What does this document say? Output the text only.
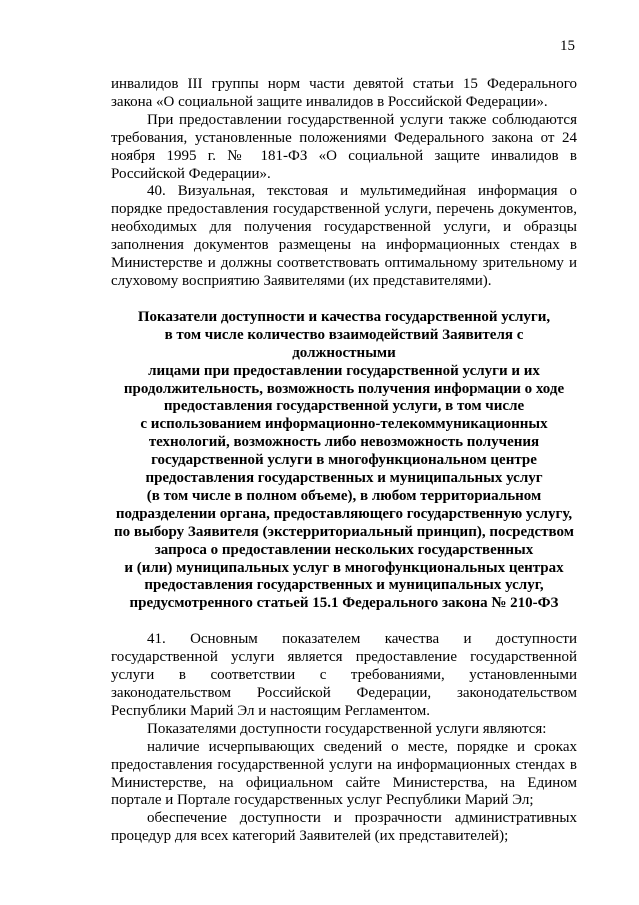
15

инвалидов III группы норм части девятой статьи 15 Федерального закона «О социальной защите инвалидов в Российской Федерации».

При предоставлении государственной услуги также соблюдаются требования, установленные положениями Федерального закона от 24 ноября 1995 г. № 181-ФЗ «О социальной защите инвалидов в Российской Федерации».

40. Визуальная, текстовая и мультимедийная информация о порядке предоставления государственной услуги, перечень документов, необходимых для получения государственной услуги, и образцы заполнения документов размещены на информационных стендах в Министерстве и должны соответствовать оптимальному зрительному и слуховому восприятию Заявителями (их представителями).

Показатели доступности и качества государственной услуги,
в том числе количество взаимодействий Заявителя с должностными
лицами при предоставлении государственной услуги и их
продолжительность, возможность получения информации о ходе
предоставления государственной услуги, в том числе
с использованием информационно-телекоммуникационных
технологий, возможность либо невозможность получения
государственной услуги в многофункциональном центре
предоставления государственных и муниципальных услуг
(в том числе в полном объеме), в любом территориальном
подразделении органа, предоставляющего государственную услугу,
по выбору Заявителя (экстерриториальный принцип), посредством
запроса о предоставлении нескольких государственных
и (или) муниципальных услуг в многофункциональных центрах
предоставления государственных и муниципальных услуг,
предусмотренного статьей 15.1 Федерального закона № 210-ФЗ

41. Основным показателем качества и доступности государственной услуги является предоставление государственной услуги в соответствии с требованиями, установленными законодательством Российской Федерации, законодательством Республики Марий Эл и настоящим Регламентом.

Показателями доступности государственной услуги являются:

наличие исчерпывающих сведений о месте, порядке и сроках предоставления государственной услуги на информационных стендах в Министерстве, на официальном сайте Министерства, на Едином портале и Портале государственных услуг Республики Марий Эл;

обеспечение доступности и прозрачности административных процедур для всех категорий Заявителей (их представителей);
